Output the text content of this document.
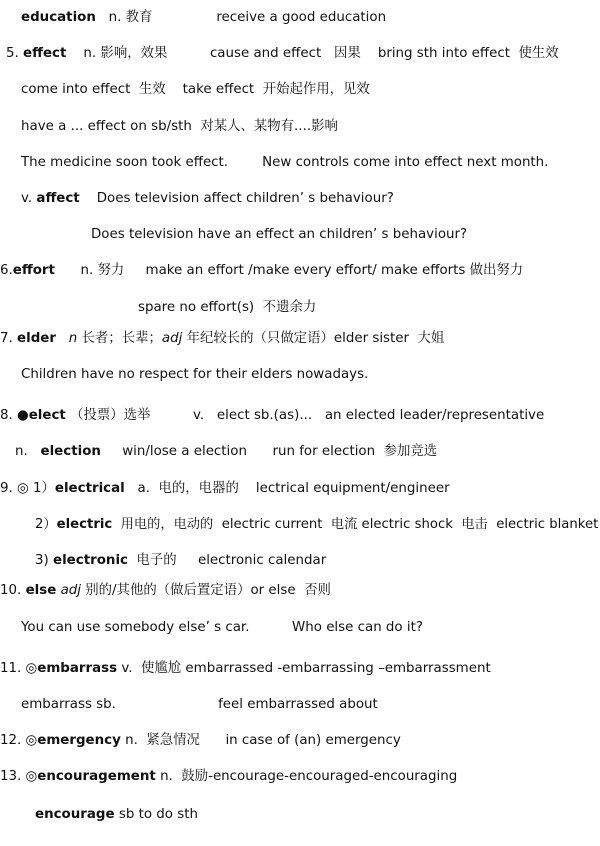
education   n. 教育               receive a good education
5. effect    n. 影响，效果          cause and effect   因果    bring sth into effect  使生效
come into effect  生效    take effect  开始起作用，见效
have a ... effect on sb/sth  对某人、某物有....影响
The medicine soon took effect.        New controls come into effect next month.
v. affect    Does television affect children’ s behaviour?
Does television have an effect an children’ s behaviour?
6.effort      n. 努力     make an effort /make every effort/ make efforts 做出努力
spare no effort(s)  不遗余力
7. elder n 长者；长辈；adj 年纪较长的（只做定语）elder sister  大姐
Children have no respect for their elders nowadays.
8. ●elect （投票）选举          v.   elect sb.(as)...   an elected leader/representative
n.   election     win/lose a election      run for election  参加竞选
9. ◎ 1）electrical   a.  电的，电器的    lectrical equipment/engineer
2）electric  用电的，电动的  electric current  电流 electric shock  电击  electric blanket
3) electronic  电子的     electronic calendar
10. else adj 别的/其他的（做后置定语）or else  否则
You can use somebody else’ s car.          Who else can do it?
11. ◎embarrass v.  使尴尬 embarrassed -embarrassing –embarrassment
embarrass sb.                        feel embarrassed about
12. ◎emergency n.  紧急情况      in case of (an) emergency
13. ◎encouragement n.  鼓励-encourage-encouraged-encouraging
encourage sb to do sth
